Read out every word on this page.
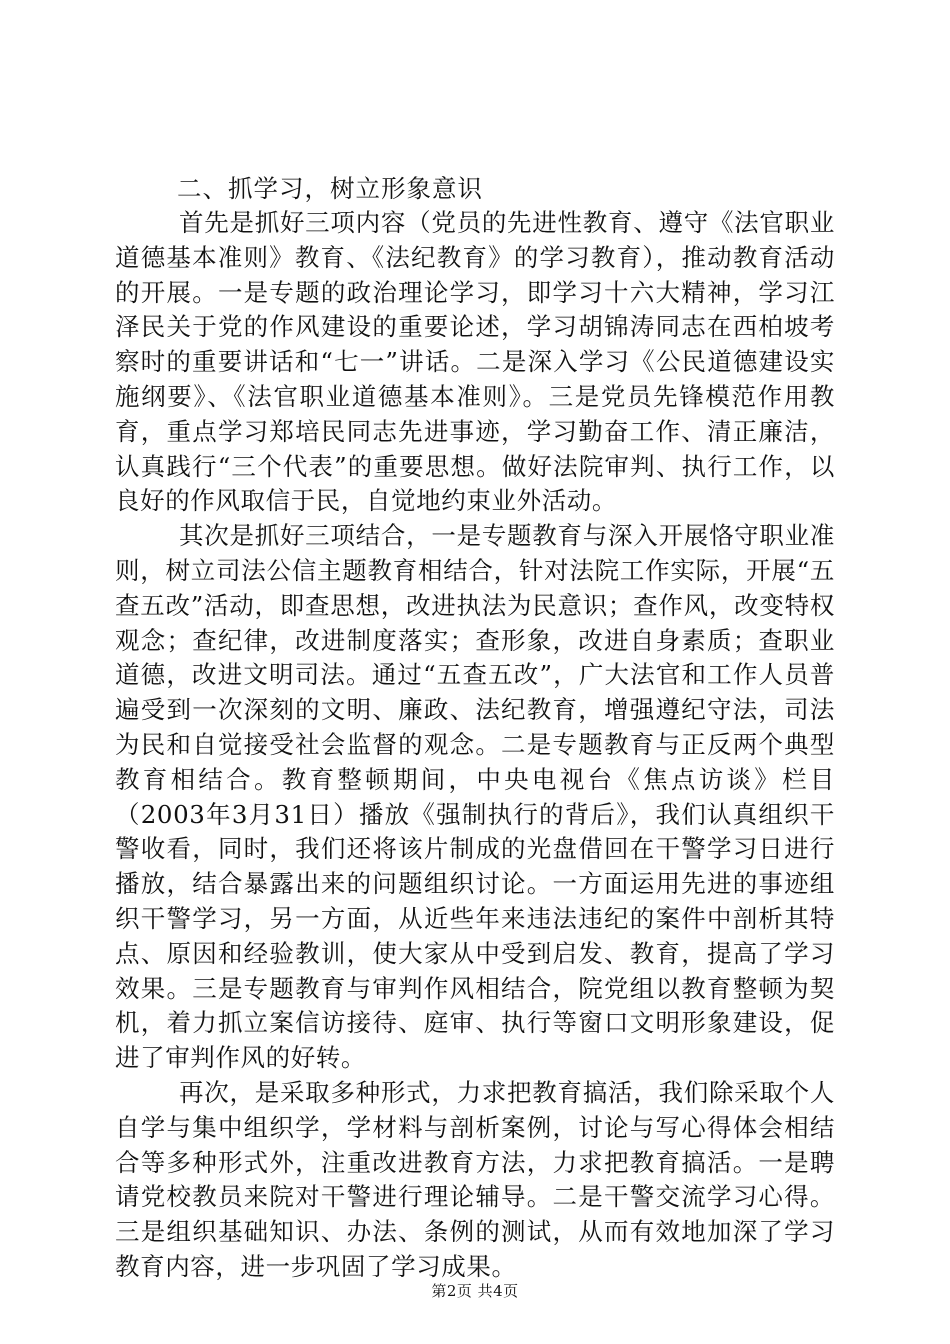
二、抓学习，树立形象意识

首先是抓好三项内容（党员的先进性教育、遵守《法官职业道德基本准则》教育、《法纪教育》的学习教育），推动教育活动的开展。一是专题的政治理论学习，即学习十六大精神，学习江泽民关于党的作风建设的重要论述，学习胡锦涛同志在西柏坡考察时的重要讲话和“七一”讲话。二是深入学习《公民道德建设实施纲要》、《法官职业道德基本准则》。三是党员先锋模范作用教育，重点学习郑培民同志先进事迹，学习勤奋工作、清正廉洁，认真践行“三个代表”的重要思想。做好法院审判、执行工作，以良好的作风取信于民，自觉地约束业外活动。

其次是抓好三项结合，一是专题教育与深入开展恪守职业准则，树立司法公信主题教育相结合，针对法院工作实际，开展“五查五改”活动，即查思想，改进执法为民意识；查作风，改变特权观念；查纪律，改进制度落实；查形象，改进自身素质；查职业道德，改进文明司法。通过“五查五改”，广大法官和工作人员普遍受到一次深刻的文明、廉政、法纪教育，增强遵纪守法，司法为民和自觉接受社会监督的观念。二是专题教育与正反两个典型教育相结合。教育整顿期间，中央电视台《焦点访谈》栏目（2003年3月31日）播放《强制执行的背后》，我们认真组织干警收看，同时，我们还将该片制成的光盘借回在干警学习日进行播放，结合暴露出来的问题组织讨论。一方面运用先进的事迹组织干警学习，另一方面，从近些年来违法违纪的案件中剖析其特点、原因和经验教训，使大家从中受到启发、教育，提高了学习效果。三是专题教育与审判作风相结合，院党组以教育整顿为契机，着力抓立案信访接待、庭审、执行等窗口文明形象建设，促进了审判作风的好转。

再次，是采取多种形式，力求把教育搞活，我们除采取个人自学与集中组织学，学材料与剖析案例，讨论与写心得体会相结合等多种形式外，注重改进教育方法，力求把教育搞活。一是聘请党校教员来院对干警进行理论辅导。二是干警交流学习心得。三是组织基础知识、办法、条例的测试，从而有效地加深了学习教育内容，进一步巩固了学习成果。

第2页 共4页
